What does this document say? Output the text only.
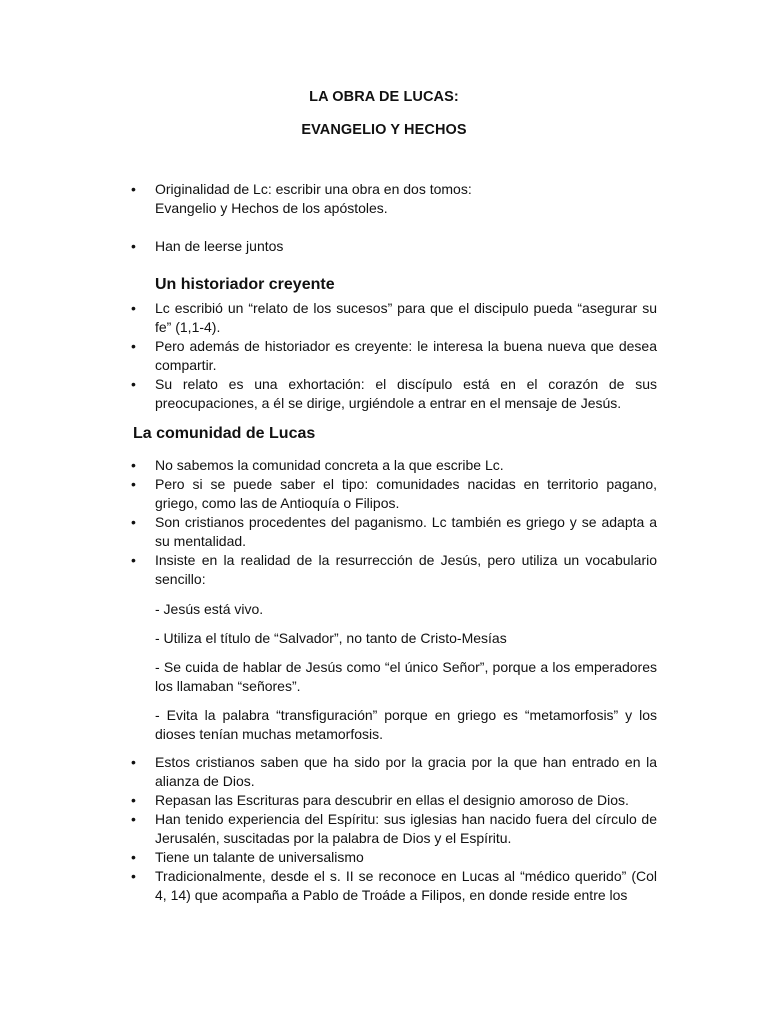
LA OBRA DE LUCAS:
EVANGELIO Y HECHOS
• Originalidad de Lc: escribir una obra en dos tomos:
Evangelio y Hechos de los apóstoles.
• Han de leerse juntos
Un historiador creyente
• Lc escribió un “relato de los sucesos” para que el discipulo pueda “asegurar su fe” (1,1-4).
• Pero además de historiador es creyente: le interesa la buena nueva que desea compartir.
• Su relato es una exhortación: el discípulo está en el corazón de sus preocupaciones, a él se dirige, urgiéndole a entrar en el mensaje de Jesús.
La comunidad de Lucas
• No sabemos la comunidad concreta a la que escribe Lc.
• Pero si se puede saber el tipo: comunidades nacidas en territorio pagano, griego, como las de Antioquía o Filipos.
• Son cristianos procedentes del paganismo. Lc también es griego y se adapta a su mentalidad.
• Insiste en la realidad de la resurrección de Jesús, pero utiliza un vocabulario sencillo:
- Jesús está vivo.
- Utiliza el título de “Salvador”, no tanto de Cristo-Mesías
- Se cuida de hablar de Jesús como “el único Señor”, porque a los emperadores los llamaban “señores”.
- Evita la palabra “transfiguración” porque en griego es “metamorfosis” y los dioses tenían muchas metamorfosis.
• Estos cristianos saben que ha sido por la gracia por la que han entrado en la alianza de Dios.
• Repasan las Escrituras para descubrir en ellas el designio amoroso de Dios.
• Han tenido experiencia del Espíritu: sus iglesias han nacido fuera del círculo de Jerusalén, suscitadas por la palabra de Dios y el Espíritu.
• Tiene un talante de universalismo
• Tradicionalmente, desde el s. II se reconoce en Lucas al “médico querido” (Col 4, 14) que acompaña a Pablo de Troáde a Filipos, en donde reside entre los
